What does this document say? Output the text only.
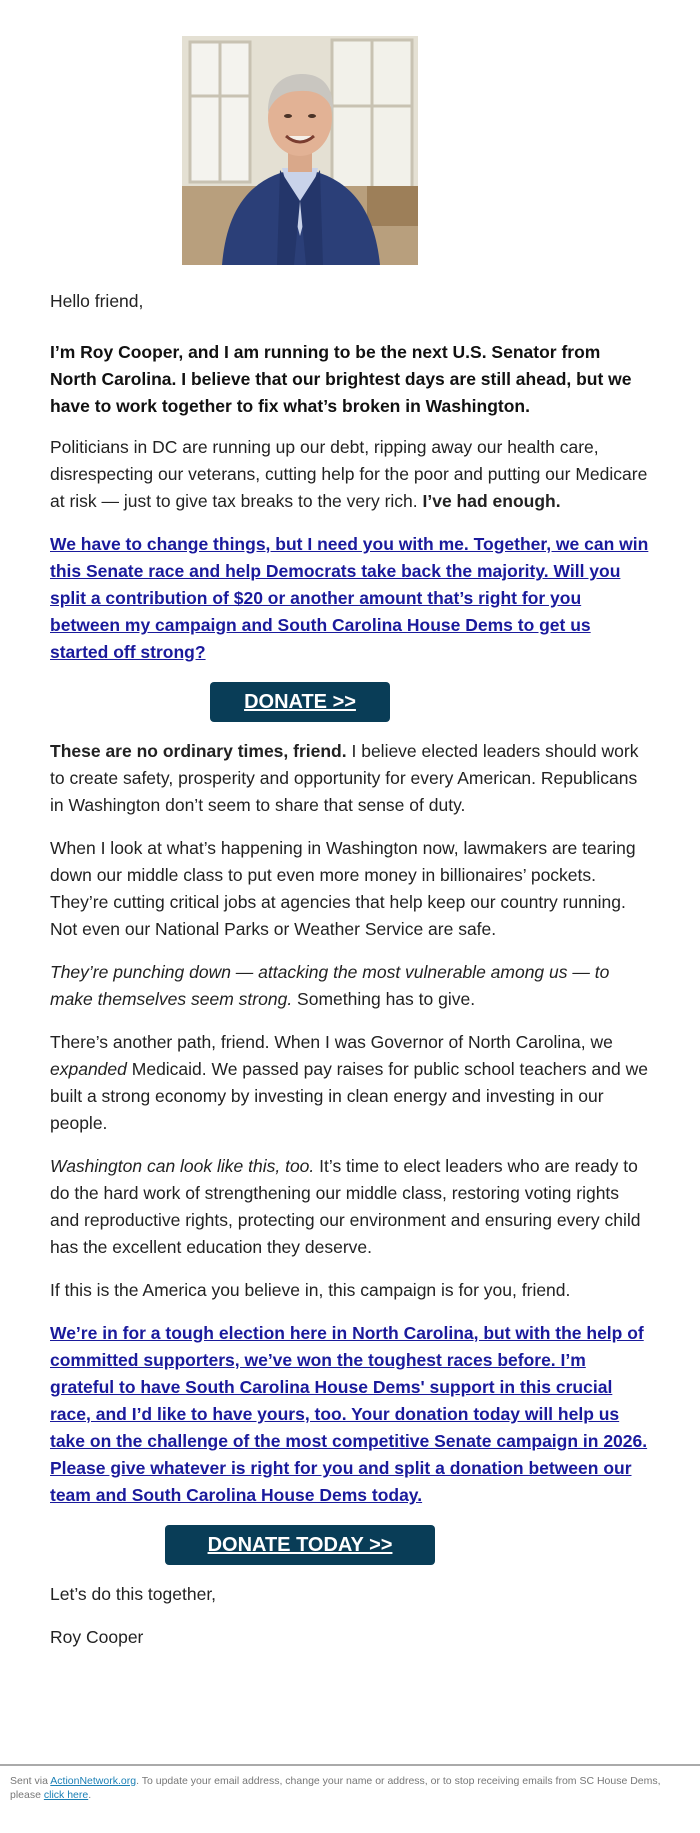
Hello friend,

I’m Roy Cooper, and I am running to be the next U.S. Senator from North Carolina. I believe that our brightest days are still ahead, but we have to work together to fix what’s broken in Washington.

Politicians in DC are running up our debt, ripping away our health care, disrespecting our veterans, cutting help for the poor and putting our Medicare at risk — just to give tax breaks to the very rich. I’ve had enough.

We have to change things, but I need you with me. Together, we can win this Senate race and help Democrats take back the majority. Will you split a contribution of $20 or another amount that’s right for you between my campaign and South Carolina House Dems to get us started off strong?

DONATE >>

These are no ordinary times, friend. I believe elected leaders should work to create safety, prosperity and opportunity for every American. Republicans in Washington don’t seem to share that sense of duty.

When I look at what’s happening in Washington now, lawmakers are tearing down our middle class to put even more money in billionaires’ pockets. They’re cutting critical jobs at agencies that help keep our country running. Not even our National Parks or Weather Service are safe.

They’re punching down — attacking the most vulnerable among us — to make themselves seem strong. Something has to give.

There’s another path, friend. When I was Governor of North Carolina, we expanded Medicaid. We passed pay raises for public school teachers and we built a strong economy by investing in clean energy and investing in our people.

Washington can look like this, too. It’s time to elect leaders who are ready to do the hard work of strengthening our middle class, restoring voting rights and reproductive rights, protecting our environment and ensuring every child has the excellent education they deserve.

If this is the America you believe in, this campaign is for you, friend.

We’re in for a tough election here in North Carolina, but with the help of committed supporters, we’ve won the toughest races before. I’m grateful to have South Carolina House Dems' support in this crucial race, and I’d like to have yours, too. Your donation today will help us take on the challenge of the most competitive Senate campaign in 2026. Please give whatever is right for you and split a donation between our team and South Carolina House Dems today.

DONATE TODAY >>

Let’s do this together,

Roy Cooper

Sent via ActionNetwork.org. To update your email address, change your name or address, or to stop receiving emails from SC House Dems, please click here.
